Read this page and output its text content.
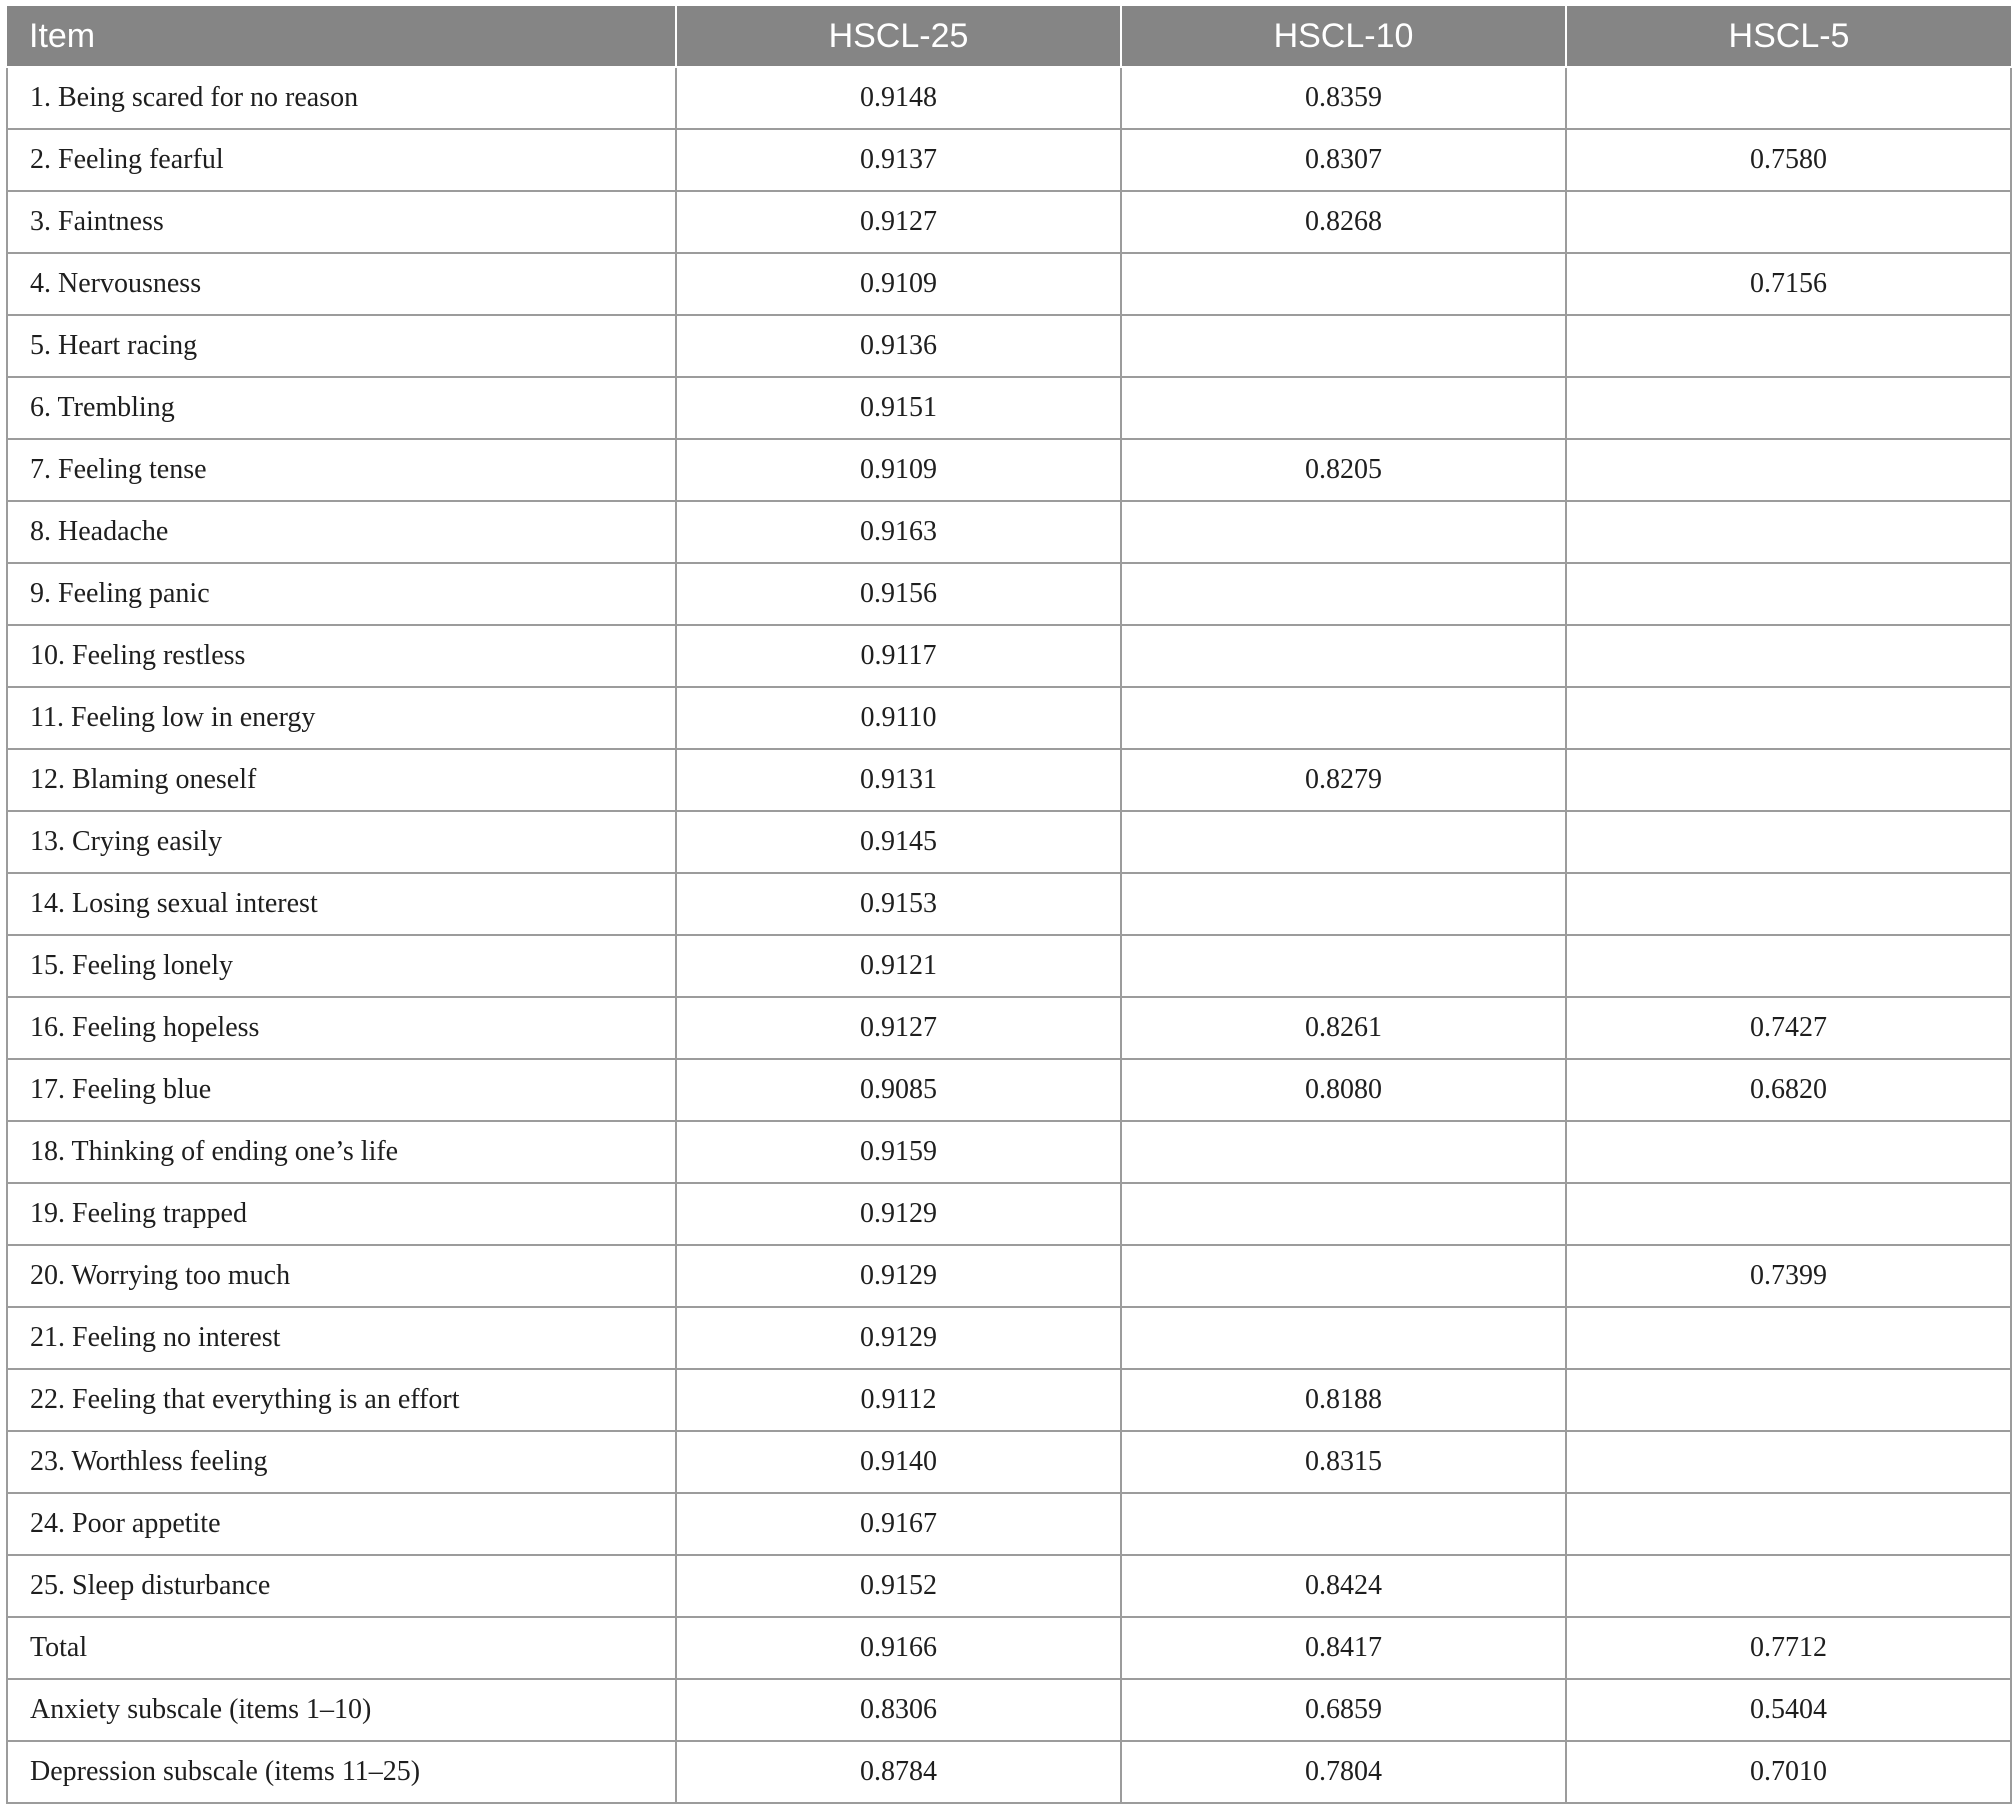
Item	HSCL-25	HSCL-10	HSCL-5
1. Being scared for no reason	0.9148	0.8359	
2. Feeling fearful	0.9137	0.8307	0.7580
3. Faintness	0.9127	0.8268	
4. Nervousness	0.9109		0.7156
5. Heart racing	0.9136		
6. Trembling	0.9151		
7. Feeling tense	0.9109	0.8205	
8. Headache	0.9163		
9. Feeling panic	0.9156		
10. Feeling restless	0.9117		
11. Feeling low in energy	0.9110		
12. Blaming oneself	0.9131	0.8279	
13. Crying easily	0.9145		
14. Losing sexual interest	0.9153		
15. Feeling lonely	0.9121		
16. Feeling hopeless	0.9127	0.8261	0.7427
17. Feeling blue	0.9085	0.8080	0.6820
18. Thinking of ending one’s life	0.9159		
19. Feeling trapped	0.9129		
20. Worrying too much	0.9129		0.7399
21. Feeling no interest	0.9129		
22. Feeling that everything is an effort	0.9112	0.8188	
23. Worthless feeling	0.9140	0.8315	
24. Poor appetite	0.9167		
25. Sleep disturbance	0.9152	0.8424	
Total	0.9166	0.8417	0.7712
Anxiety subscale (items 1–10)	0.8306	0.6859	0.5404
Depression subscale (items 11–25)	0.8784	0.7804	0.7010
